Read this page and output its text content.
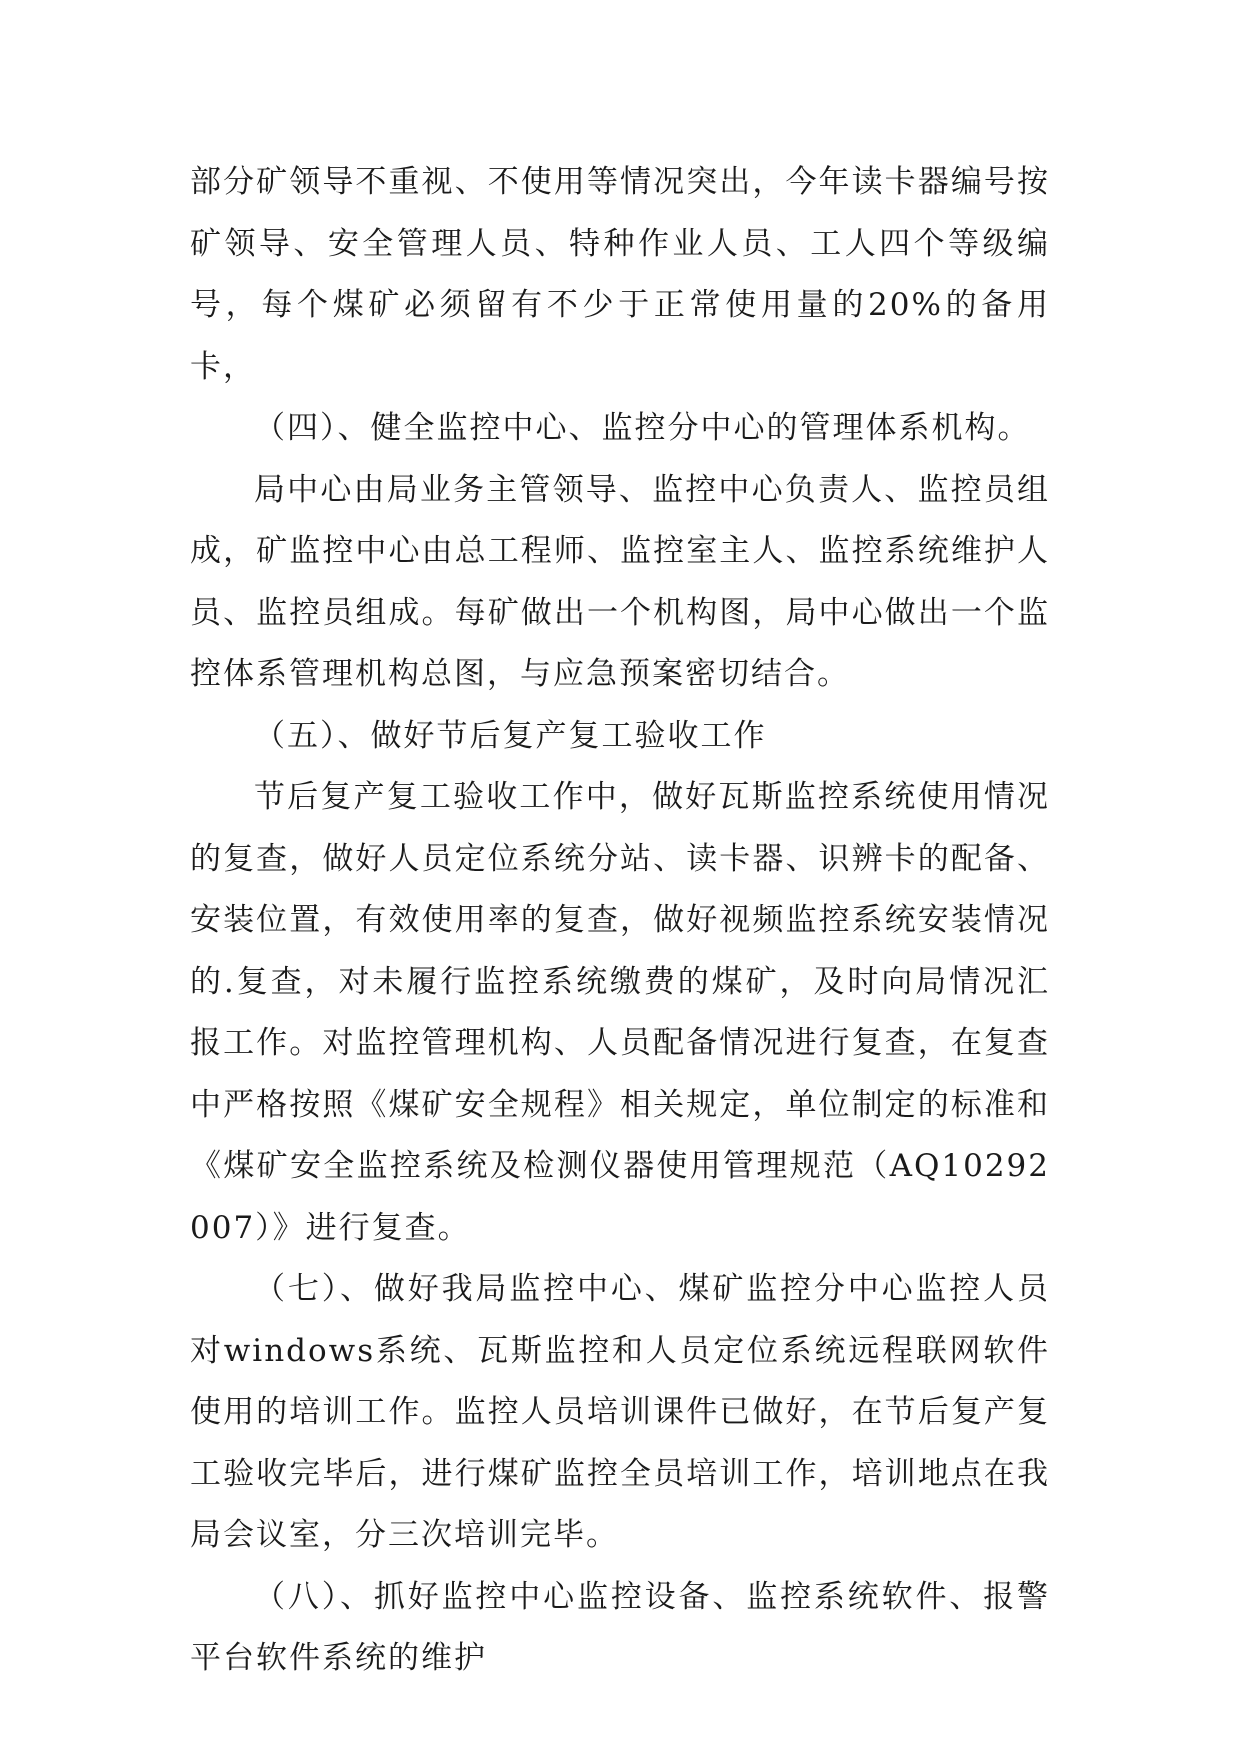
部分矿领导不重视、不使用等情况突出，今年读卡器编号按矿领导、安全管理人员、特种作业人员、工人四个等级编号，每个煤矿必须留有不少于正常使用量的20%的备用卡，

（四）、健全监控中心、监控分中心的管理体系机构。

局中心由局业务主管领导、监控中心负责人、监控员组成，矿监控中心由总工程师、监控室主人、监控系统维护人员、监控员组成。每矿做出一个机构图，局中心做出一个监控体系管理机构总图，与应急预案密切结合。

（五）、做好节后复产复工验收工作

节后复产复工验收工作中，做好瓦斯监控系统使用情况的复查，做好人员定位系统分站、读卡器、识辨卡的配备、安装位置，有效使用率的复查，做好视频监控系统安装情况的.复查，对未履行监控系统缴费的煤矿，及时向局情况汇报工作。对监控管理机构、人员配备情况进行复查，在复查中严格按照《煤矿安全规程》相关规定，单位制定的标准和《煤矿安全监控系统及检测仪器使用管理规范（AQ10292007）》进行复查。

（七）、做好我局监控中心、煤矿监控分中心监控人员对windows系统、瓦斯监控和人员定位系统远程联网软件使用的培训工作。监控人员培训课件已做好，在节后复产复工验收完毕后，进行煤矿监控全员培训工作，培训地点在我局会议室，分三次培训完毕。

（八）、抓好监控中心监控设备、监控系统软件、报警平台软件系统的维护
